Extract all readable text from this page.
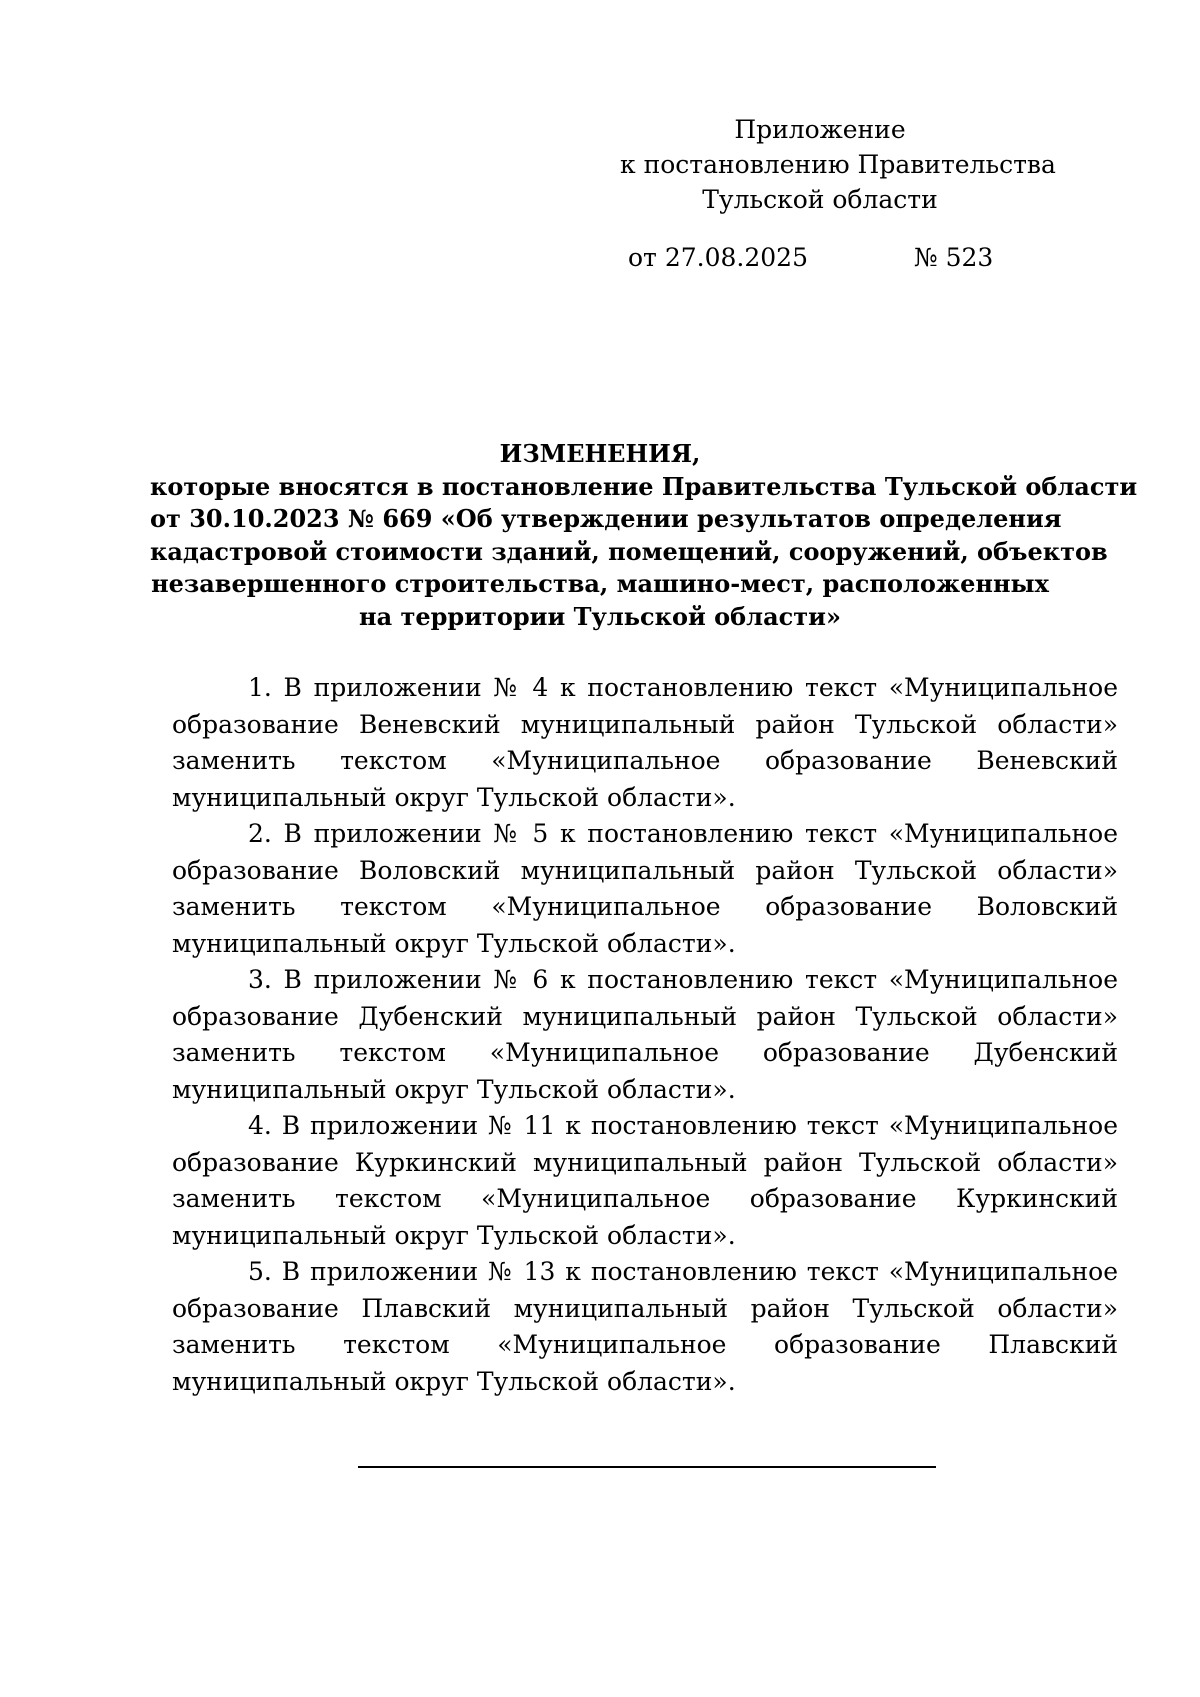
Приложение
к постановлению Правительства
Тульской области
от 27.08.2025	№ 523
ИЗМЕНЕНИЯ,
которые вносятся в постановление Правительства Тульской области
от 30.10.2023 № 669 «Об утверждении результатов определения
кадастровой стоимости зданий, помещений, сооружений, объектов
незавершенного строительства, машино-мест, расположенных
на территории Тульской области»

1. В приложении № 4 к постановлению текст «Муниципальное образование Веневский муниципальный район Тульской области» заменить текстом «Муниципальное образование Веневский муниципальный округ Тульской области».

2. В приложении № 5 к постановлению текст «Муниципальное образование Воловский муниципальный район Тульской области» заменить текстом «Муниципальное образование Воловский муниципальный округ Тульской области».

3. В приложении № 6 к постановлению текст «Муниципальное образование Дубенский муниципальный район Тульской области» заменить текстом «Муниципальное образование Дубенский муниципальный округ Тульской области».

4. В приложении № 11 к постановлению текст «Муниципальное образование Куркинский муниципальный район Тульской области» заменить текстом «Муниципальное образование Куркинский муниципальный округ Тульской области».

5. В приложении № 13 к постановлению текст «Муниципальное образование Плавский муниципальный район Тульской области» заменить текстом «Муниципальное образование Плавский муниципальный округ Тульской области».
